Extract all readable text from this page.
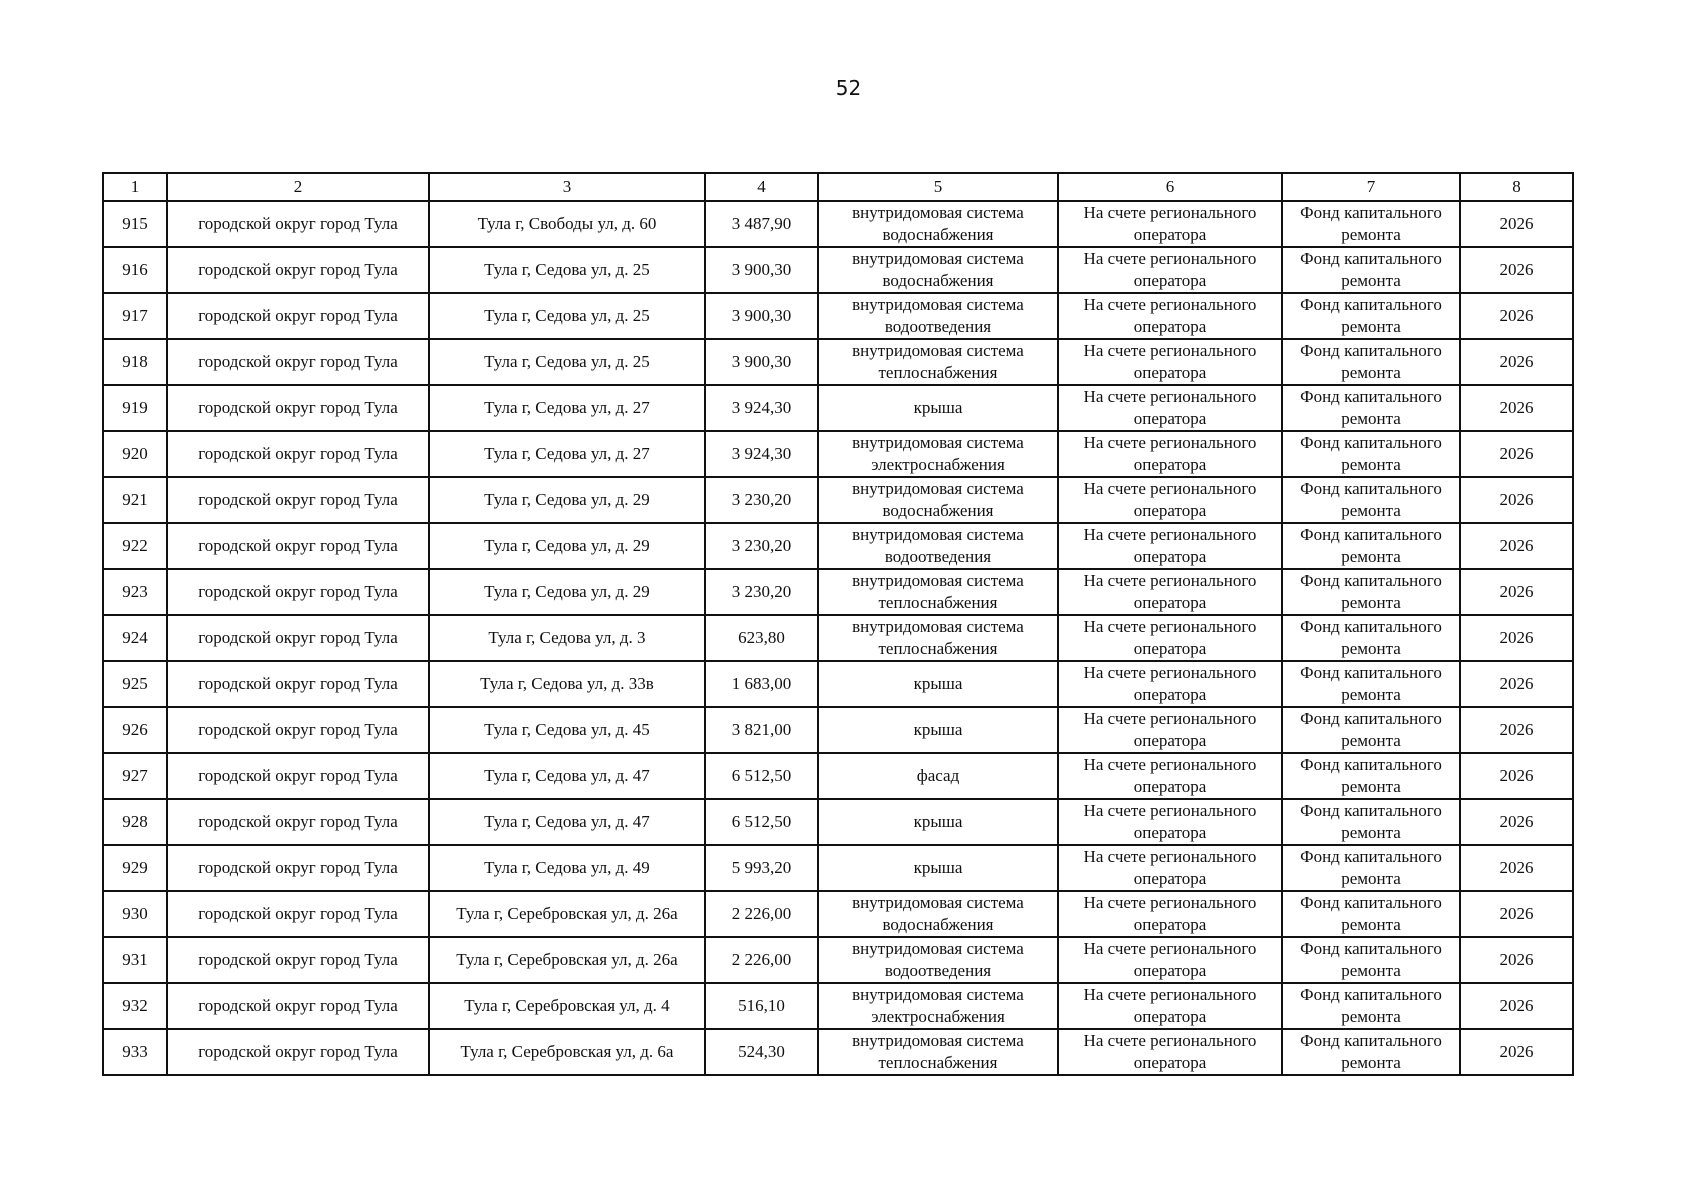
52
1	2	3	4	5	6	7	8
915	городской округ город Тула	Тула г, Свободы ул, д. 60	3 487,90	внутридомовая система водоснабжения	На счете регионального оператора	Фонд капитального ремонта	2026
916	городской округ город Тула	Тула г, Седова ул, д. 25	3 900,30	внутридомовая система водоснабжения	На счете регионального оператора	Фонд капитального ремонта	2026
917	городской округ город Тула	Тула г, Седова ул, д. 25	3 900,30	внутридомовая система водоотведения	На счете регионального оператора	Фонд капитального ремонта	2026
918	городской округ город Тула	Тула г, Седова ул, д. 25	3 900,30	внутридомовая система теплоснабжения	На счете регионального оператора	Фонд капитального ремонта	2026
919	городской округ город Тула	Тула г, Седова ул, д. 27	3 924,30	крыша	На счете регионального оператора	Фонд капитального ремонта	2026
920	городской округ город Тула	Тула г, Седова ул, д. 27	3 924,30	внутридомовая система электроснабжения	На счете регионального оператора	Фонд капитального ремонта	2026
921	городской округ город Тула	Тула г, Седова ул, д. 29	3 230,20	внутридомовая система водоснабжения	На счете регионального оператора	Фонд капитального ремонта	2026
922	городской округ город Тула	Тула г, Седова ул, д. 29	3 230,20	внутридомовая система водоотведения	На счете регионального оператора	Фонд капитального ремонта	2026
923	городской округ город Тула	Тула г, Седова ул, д. 29	3 230,20	внутридомовая система теплоснабжения	На счете регионального оператора	Фонд капитального ремонта	2026
924	городской округ город Тула	Тула г, Седова ул, д. 3	623,80	внутридомовая система теплоснабжения	На счете регионального оператора	Фонд капитального ремонта	2026
925	городской округ город Тула	Тула г, Седова ул, д. 33в	1 683,00	крыша	На счете регионального оператора	Фонд капитального ремонта	2026
926	городской округ город Тула	Тула г, Седова ул, д. 45	3 821,00	крыша	На счете регионального оператора	Фонд капитального ремонта	2026
927	городской округ город Тула	Тула г, Седова ул, д. 47	6 512,50	фасад	На счете регионального оператора	Фонд капитального ремонта	2026
928	городской округ город Тула	Тула г, Седова ул, д. 47	6 512,50	крыша	На счете регионального оператора	Фонд капитального ремонта	2026
929	городской округ город Тула	Тула г, Седова ул, д. 49	5 993,20	крыша	На счете регионального оператора	Фонд капитального ремонта	2026
930	городской округ город Тула	Тула г, Серебровская ул, д. 26а	2 226,00	внутридомовая система водоснабжения	На счете регионального оператора	Фонд капитального ремонта	2026
931	городской округ город Тула	Тула г, Серебровская ул, д. 26а	2 226,00	внутридомовая система водоотведения	На счете регионального оператора	Фонд капитального ремонта	2026
932	городской округ город Тула	Тула г, Серебровская ул, д. 4	516,10	внутридомовая система электроснабжения	На счете регионального оператора	Фонд капитального ремонта	2026
933	городской округ город Тула	Тула г, Серебровская ул, д. 6а	524,30	внутридомовая система теплоснабжения	На счете регионального оператора	Фонд капитального ремонта	2026
